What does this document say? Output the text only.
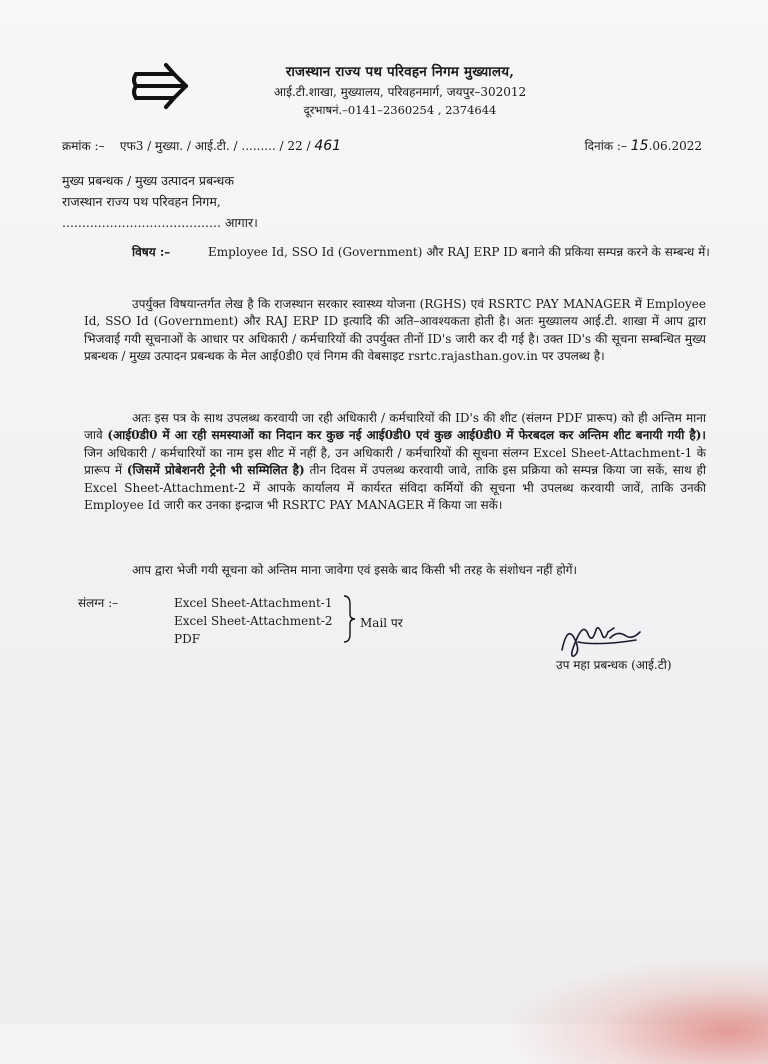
राजस्थान राज्य पथ परिवहन निगम मुख्यालय,
आई.टी.शाखा, मुख्यालय, परिवहनमार्ग, जयपुर–302012
दूरभाषनं.–0141–2360254 , 2374644
क्रमांक :– एफ3 / मुख्या. / आई.टी. / ......... / 22 / 461	दिनांक :– 15.06.2022
मुख्य प्रबन्धक / मुख्य उत्पादन प्रबन्धक
राजस्थान राज्य पथ परिवहन निगम,
........................................ आगार।
विषय :–	Employee Id, SSO Id (Government) और RAJ ERP ID बनाने की प्रकिया सम्पन्न करने के सम्बन्ध में।
उपर्युक्त विषयान्तर्गत लेख है कि राजस्थान सरकार स्वास्थ्य योजना (RGHS) एवं RSRTC PAY MANAGER में Employee Id, SSO Id (Government) और RAJ ERP ID इत्यादि की अति–आवश्यकता होती है। अतः मुख्यालय आई.टी. शाखा में आप द्वारा भिजवाई गयी सूचनाओं के आधार पर अधिकारी / कर्मचारियों की उपर्युक्त तीनों ID's जारी कर दी गई है। उक्त ID's की सूचना सम्बन्धित मुख्य प्रबन्धक / मुख्य उत्पादन प्रबन्धक के मेल आई0डी0 एवं निगम की वेबसाइट rsrtc.rajasthan.gov.in पर उपलब्ध है।
अतः इस पत्र के साथ उपलब्ध करवायी जा रही अधिकारी / कर्मचारियों की ID's की शीट (संलग्न PDF प्रारूप) को ही अन्तिम माना जावे (आई0डी0 में आ रही समस्याओं का निदान कर कुछ नई आई0डी0 एवं कुछ आई0डी0 में फेरबदल कर अन्तिम शीट बनायी गयी है)। जिन अधिकारी / कर्मचारियों का नाम इस शीट में नहीं है, उन अधिकारी / कर्मचारियों की सूचना संलग्न Excel Sheet-Attachment-1 के प्रारूप में (जिसमें प्रोबेशनरी ट्रेनी भी सम्मिलित है) तीन दिवस में उपलब्ध करवायी जावे, ताकि इस प्रक्रिया को सम्पन्न किया जा सकें, साथ ही Excel Sheet-Attachment-2 में आपके कार्यालय में कार्यरत संविदा कर्मियों की सूचना भी उपलब्ध करवायी जावें, ताकि उनकी Employee Id जारी कर उनका इन्द्राज भी RSRTC PAY MANAGER में किया जा सकें।
आप द्वारा भेजी गयी सूचना को अन्तिम माना जावेगा एवं इसके बाद किसी भी तरह के संशोधन नहीं होगें।
संलग्न :–	Excel Sheet-Attachment-1
Excel Sheet-Attachment-2
PDF
Mail पर
उप महा प्रबन्धक (आई.टी)
